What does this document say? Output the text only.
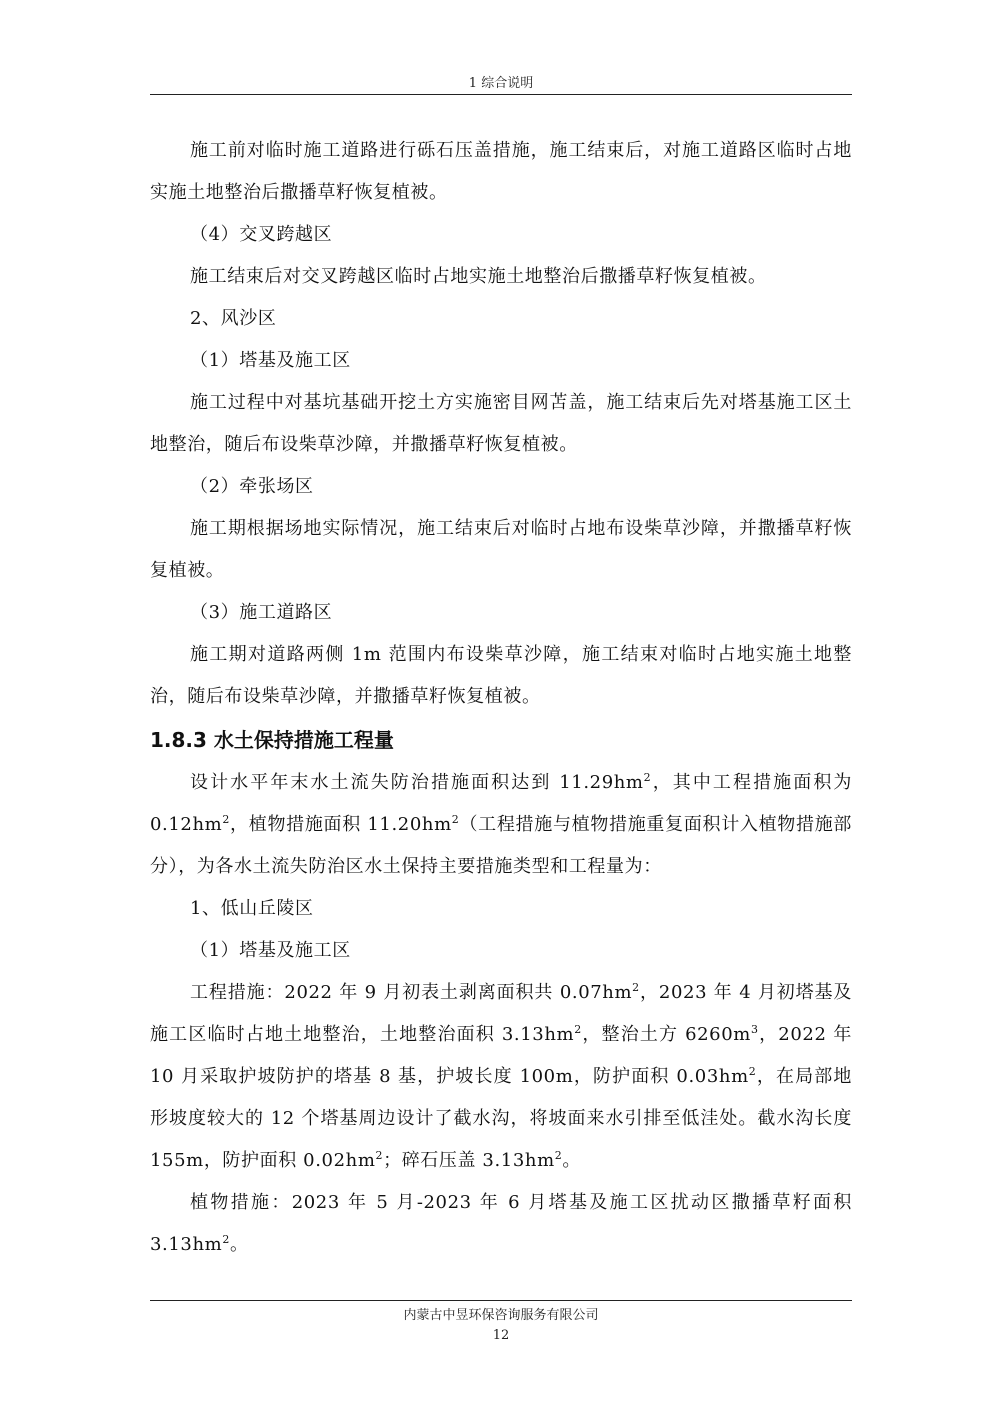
1 综合说明

施工前对临时施工道路进行砾石压盖措施，施工结束后，对施工道路区临时占地实施土地整治后撒播草籽恢复植被。

（4）交叉跨越区

施工结束后对交叉跨越区临时占地实施土地整治后撒播草籽恢复植被。

2、风沙区

（1）塔基及施工区

施工过程中对基坑基础开挖土方实施密目网苫盖，施工结束后先对塔基施工区土地整治，随后布设柴草沙障，并撒播草籽恢复植被。

（2）牵张场区

施工期根据场地实际情况，施工结束后对临时占地布设柴草沙障，并撒播草籽恢复植被。

（3）施工道路区

施工期对道路两侧 1m 范围内布设柴草沙障，施工结束对临时占地实施土地整治，随后布设柴草沙障，并撒播草籽恢复植被。

1.8.3 水土保持措施工程量

设计水平年末水土流失防治措施面积达到 $11.29hm^2$，其中工程措施面积为 $0.12hm^2$，植物措施面积 $11.20hm^2$（工程措施与植物措施重复面积计入植物措施部分），为各水土流失防治区水土保持主要措施类型和工程量为：

1、低山丘陵区

（1）塔基及施工区

工程措施：2022 年 9 月初表土剥离面积共 $0.07hm^2$，2023 年 4 月初塔基及施工区临时占地土地整治，土地整治面积 $3.13hm^2$，整治土方 $6260m^3$，2022 年 10 月采取护坡防护的塔基 8 基，护坡长度 100m，防护面积 $0.03hm^2$，在局部地形坡度较大的 12 个塔基周边设计了截水沟，将坡面来水引排至低洼处。截水沟长度 155m，防护面积 $0.02hm^2$；碎石压盖 $3.13hm^2$。

植物措施：2023 年 5 月-2023 年 6 月塔基及施工区扰动区撒播草籽面积 $3.13hm^2$。

内蒙古中昱环保咨询服务有限公司
12
